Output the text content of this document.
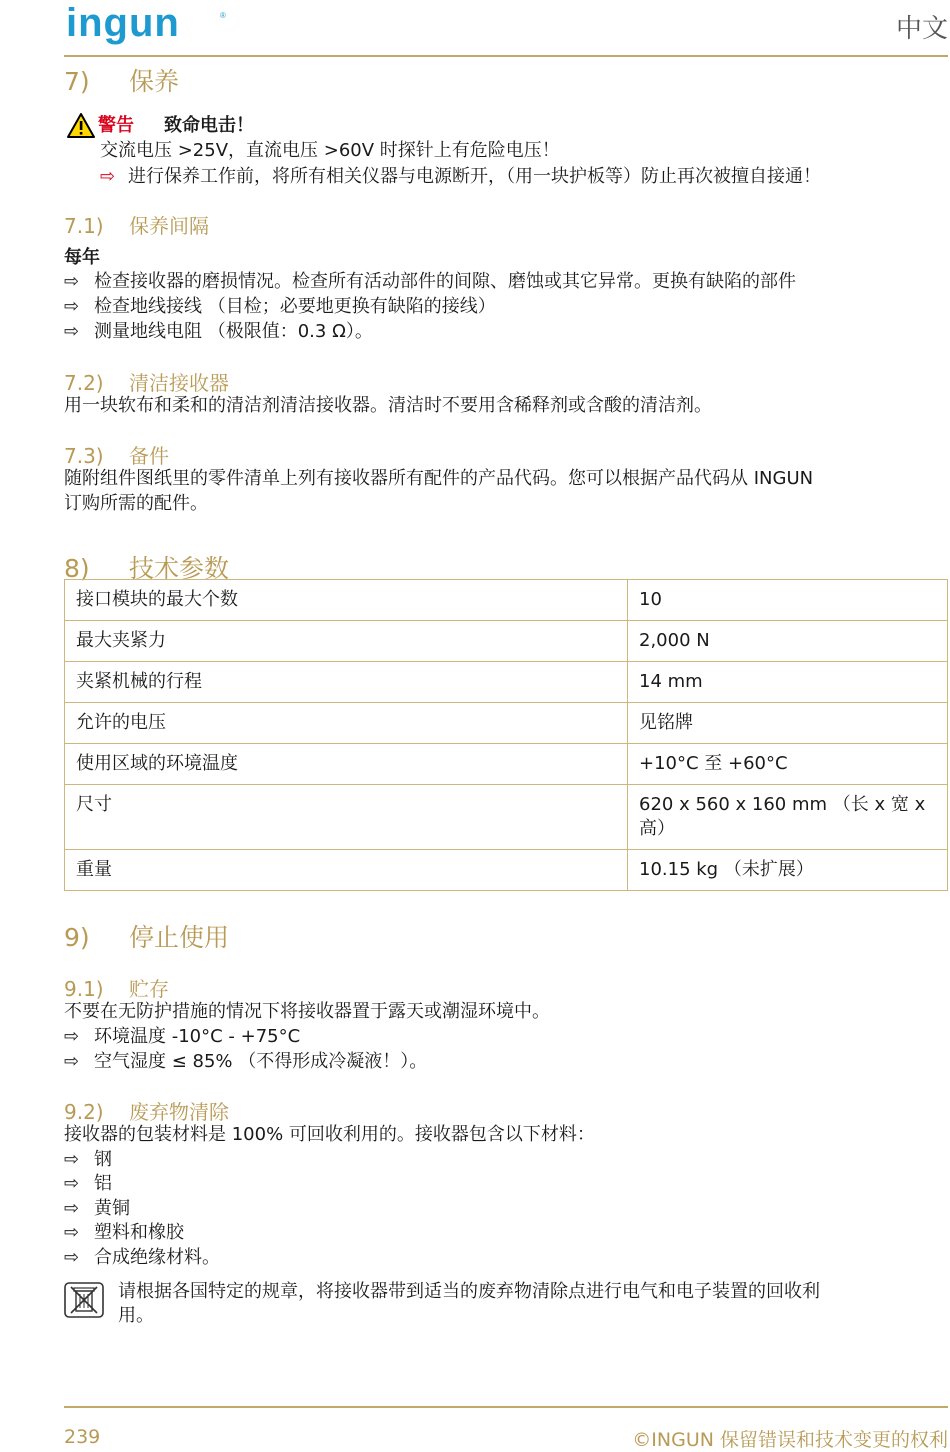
ingun	®	中文
7) 保养
警告 致命电击！
交流电压 >25V，直流电压 >60V 时探针上有危险电压！
⇨ 进行保养工作前，将所有相关仪器与电源断开，（用一块护板等）防止再次被擅自接通！
7.1) 保养间隔
每年
⇨ 检查接收器的磨损情况。检查所有活动部件的间隙、磨蚀或其它异常。更换有缺陷的部件
⇨ 检查地线接线 （目检；必要地更换有缺陷的接线）
⇨ 测量地线电阻 （极限值：0.3 Ω）。
7.2) 清洁接收器
用一块软布和柔和的清洁剂清洁接收器。清洁时不要用含稀释剂或含酸的清洁剂。
7.3) 备件
随附组件图纸里的零件清单上列有接收器所有配件的产品代码。您可以根据产品代码从 INGUN
订购所需的配件。
8) 技术参数
接口模块的最大个数	10
最大夹紧力	2,000 N
夹紧机械的行程	14 mm
允许的电压	见铭牌
使用区域的环境温度	+10°C 至 +60°C
尺寸	620 x 560 x 160 mm （长 x 宽 x 高）
重量	10.15 kg （未扩展）
9) 停止使用
9.1) 贮存
不要在无防护措施的情况下将接收器置于露天或潮湿环境中。
⇨ 环境温度 -10°C - +75°C
⇨ 空气湿度 ≤ 85% （不得形成冷凝液！）。
9.2) 废弃物清除
接收器的包装材料是 100% 可回收利用的。接收器包含以下材料：
⇨ 钢
⇨ 铝
⇨ 黄铜
⇨ 塑料和橡胶
⇨ 合成绝缘材料。
请根据各国特定的规章，将接收器带到适当的废弃物清除点进行电气和电子装置的回收利
用。
239	©INGUN 保留错误和技术变更的权利
